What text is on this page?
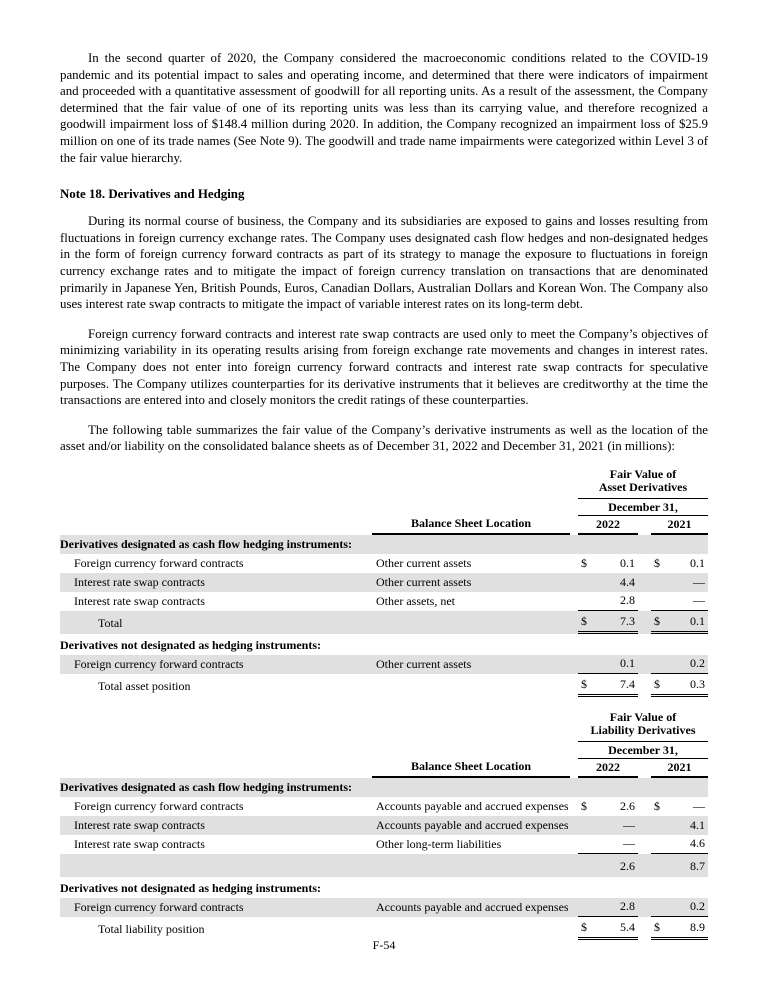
In the second quarter of 2020, the Company considered the macroeconomic conditions related to the COVID-19 pandemic and its potential impact to sales and operating income, and determined that there were indicators of impairment and proceeded with a quantitative assessment of goodwill for all reporting units. As a result of the assessment, the Company determined that the fair value of one of its reporting units was less than its carrying value, and therefore recognized a goodwill impairment loss of $148.4 million during 2020. In addition, the Company recognized an impairment loss of $25.9 million on one of its trade names (See Note 9). The goodwill and trade name impairments were categorized within Level 3 of the fair value hierarchy.

Note 18. Derivatives and Hedging

During its normal course of business, the Company and its subsidiaries are exposed to gains and losses resulting from fluctuations in foreign currency exchange rates. The Company uses designated cash flow hedges and non-designated hedges in the form of foreign currency forward contracts as part of its strategy to manage the exposure to fluctuations in foreign currency exchange rates and to mitigate the impact of foreign currency translation on transactions that are denominated primarily in Japanese Yen, British Pounds, Euros, Canadian Dollars, Australian Dollars and Korean Won. The Company also uses interest rate swap contracts to mitigate the impact of variable interest rates on its long-term debt.

Foreign currency forward contracts and interest rate swap contracts are used only to meet the Company’s objectives of minimizing variability in its operating results arising from foreign exchange rate movements and changes in interest rates. The Company does not enter into foreign currency forward contracts and interest rate swap contracts for speculative purposes. The Company utilizes counterparties for its derivative instruments that it believes are creditworthy at the time the transactions are entered into and closely monitors the credit ratings of these counterparties.

The following table summarizes the fair value of the Company’s derivative instruments as well as the location of the asset and/or liability on the consolidated balance sheets as of December 31, 2022 and December 31, 2021 (in millions):

Balance Sheet Location
Fair Value of
Asset Derivatives
December 31,
2022	2021
Derivatives designated as cash flow hedging instruments:
Foreign currency forward contracts	Other current assets	$	0.1 $	0.1
Interest rate swap contracts	Other current assets	4.4	—
Interest rate swap contracts	Other assets, net	2.8	—
Total	$	7.3 $	0.1
Derivatives not designated as hedging instruments:
Foreign currency forward contracts	Other current assets	0.1	0.2
Total asset position	$	7.4 $	0.3
Balance Sheet Location
Fair Value of
Liability Derivatives
December 31,
2022	2021
Derivatives designated as cash flow hedging instruments:
Foreign currency forward contracts	Accounts payable and accrued expenses $	2.6 $	—
Interest rate swap contracts	Accounts payable and accrued expenses	—	4.1
Interest rate swap contracts	Other long-term liabilities	—	4.6
2.6	8.7
Derivatives not designated as hedging instruments:
Foreign currency forward contracts	Accounts payable and accrued expenses	2.8	0.2
Total liability position	$	5.4 $	8.9
F-54
